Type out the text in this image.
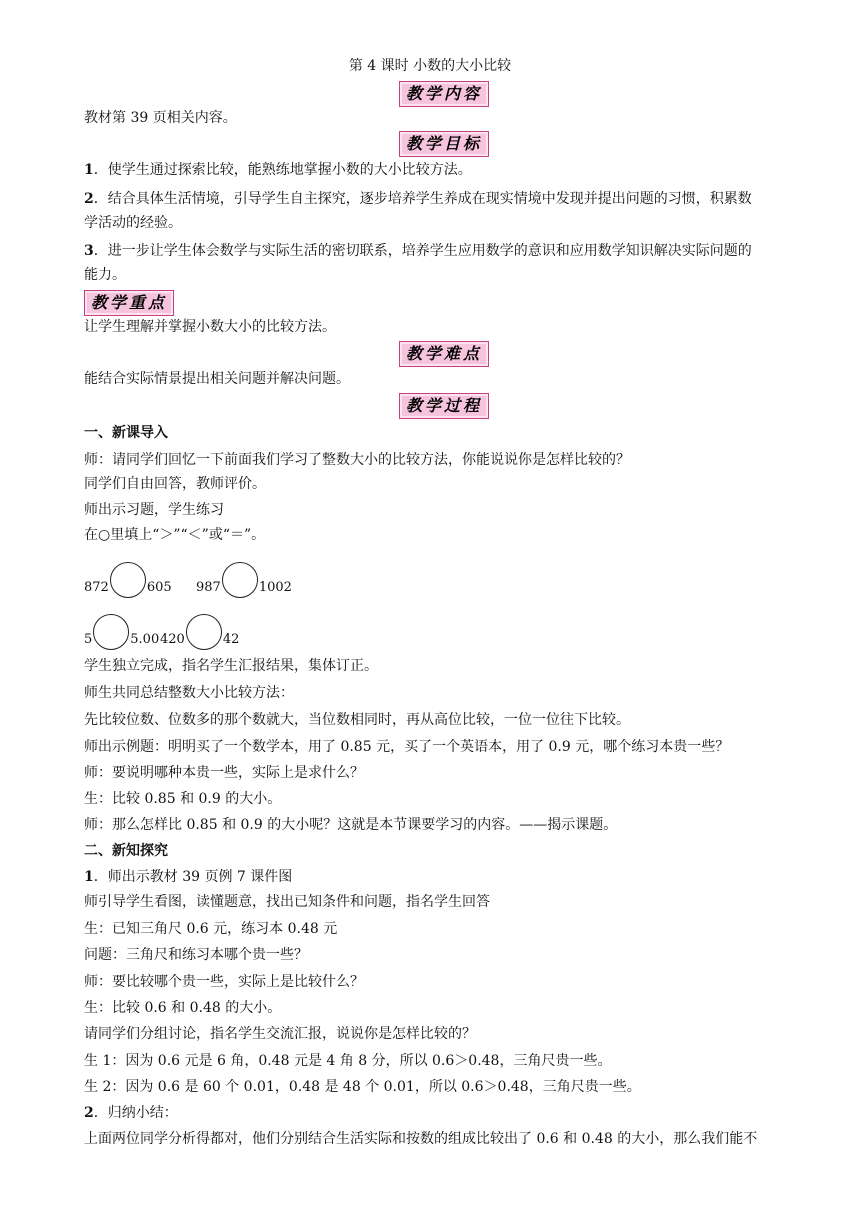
第 4 课时 小数的大小比较
教学内容
教材第 39 页相关内容。
教学目标
1．使学生通过探索比较，能熟练地掌握小数的大小比较方法。
2．结合具体生活情境，引导学生自主探究，逐步培养学生养成在现实情境中发现并提出问题的习惯，积累数
学活动的经验。
3．进一步让学生体会数学与实际生活的密切联系，培养学生应用数学的意识和应用数学知识解决实际问题的
能力。
教学重点
让学生理解并掌握小数大小的比较方法。
教学难点
能结合实际情景提出相关问题并解决问题。
教学过程
一、新课导入
师：请同学们回忆一下前面我们学习了整数大小的比较方法，你能说说你是怎样比较的？
同学们自由回答，教师评价。
师出示习题，学生练习
在○里填上“＞”“＜”或“＝”。
872	605 987	1002
5	5.00 420	42
学生独立完成，指名学生汇报结果，集体订正。
师生共同总结整数大小比较方法：
先比较位数、位数多的那个数就大，当位数相同时，再从高位比较，一位一位往下比较。
师出示例题：明明买了一个数学本，用了 0.85 元，买了一个英语本，用了 0.9 元，哪个练习本贵一些？
师：要说明哪种本贵一些，实际上是求什么？
生：比较 0.85 和 0.9 的大小。
师：那么怎样比 0.85 和 0.9 的大小呢？这就是本节课要学习的内容。——揭示课题。
二、新知探究
1．师出示教材 39 页例 7 课件图
师引导学生看图，读懂题意，找出已知条件和问题，指名学生回答
生：已知三角尺 0.6 元，练习本 0.48 元
问题：三角尺和练习本哪个贵一些？
师：要比较哪个贵一些，实际上是比较什么？
生：比较 0.6 和 0.48 的大小。
请同学们分组讨论，指名学生交流汇报，说说你是怎样比较的？
生 1：因为 0.6 元是 6 角，0.48 元是 4 角 8 分，所以 0.6＞0.48，三角尺贵一些。
生 2：因为 0.6 是 60 个 0.01，0.48 是 48 个 0.01，所以 0.6＞0.48，三角尺贵一些。
2．归纳小结：
上面两位同学分析得都对，他们分别结合生活实际和按数的组成比较出了 0.6 和 0.48 的大小，那么我们能不
